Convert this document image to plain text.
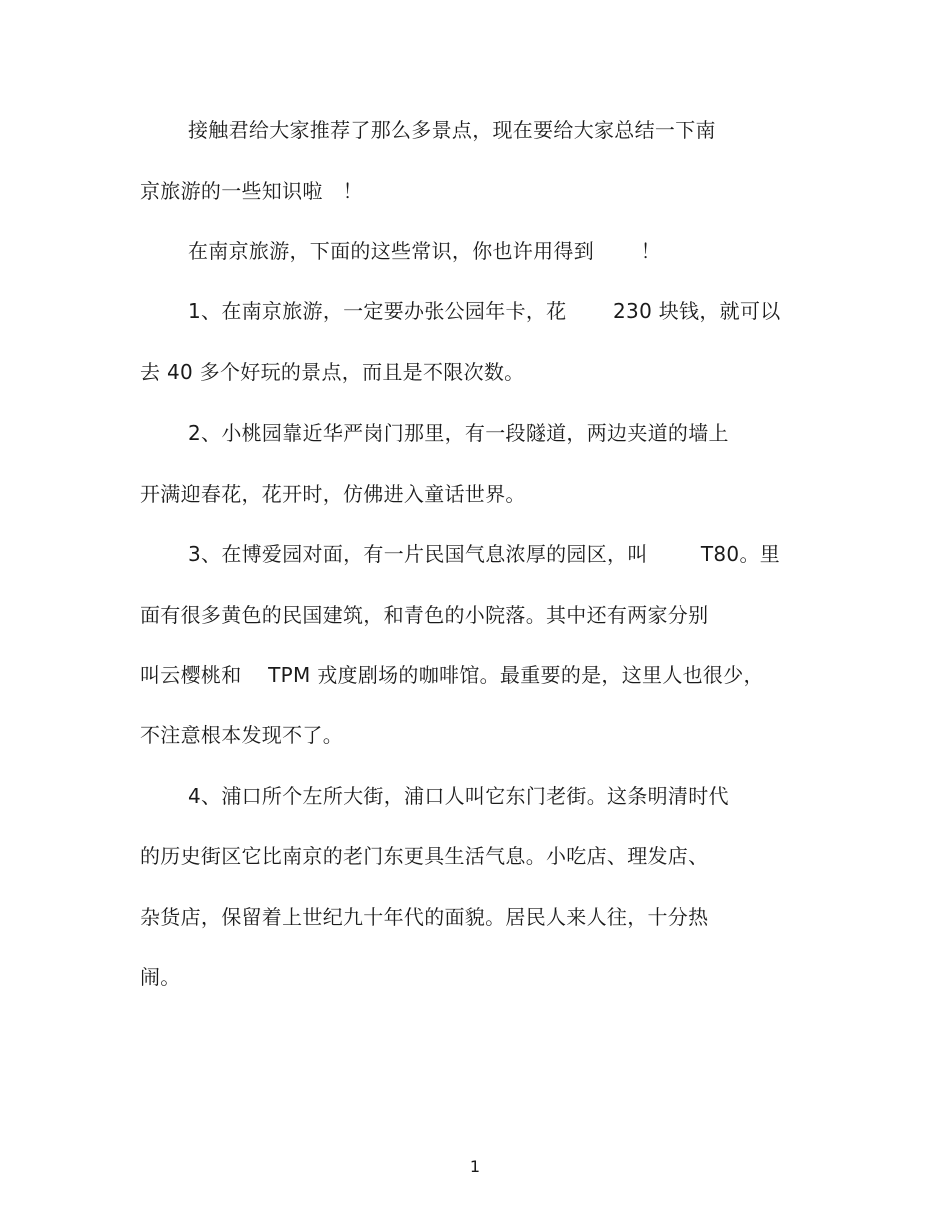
接触君给大家推荐了那么多景点，现在要给大家总结一下南
京旅游的一些知识啦   ！
在南京旅游，下面的这些常识，你也许用得到       ！
1、在南京旅游，一定要办张公园年卡，花       230 块钱，就可以
去 40 多个好玩的景点，而且是不限次数。
2、小桃园靠近华严岗门那里，有一段隧道，两边夹道的墙上
开满迎春花，花开时，仿佛进入童话世界。
3、在博爱园对面，有一片民国气息浓厚的园区，叫        T80。里
面有很多黄色的民国建筑，和青色的小院落。其中还有两家分别
叫云樱桃和    TPM 戎度剧场的咖啡馆。最重要的是，这里人也很少，
不注意根本发现不了。
4、浦口所个左所大街，浦口人叫它东门老街。这条明清时代
的历史街区它比南京的老门东更具生活气息。小吃店、理发店、
杂货店，保留着上世纪九十年代的面貌。居民人来人往，十分热
闹。
1
